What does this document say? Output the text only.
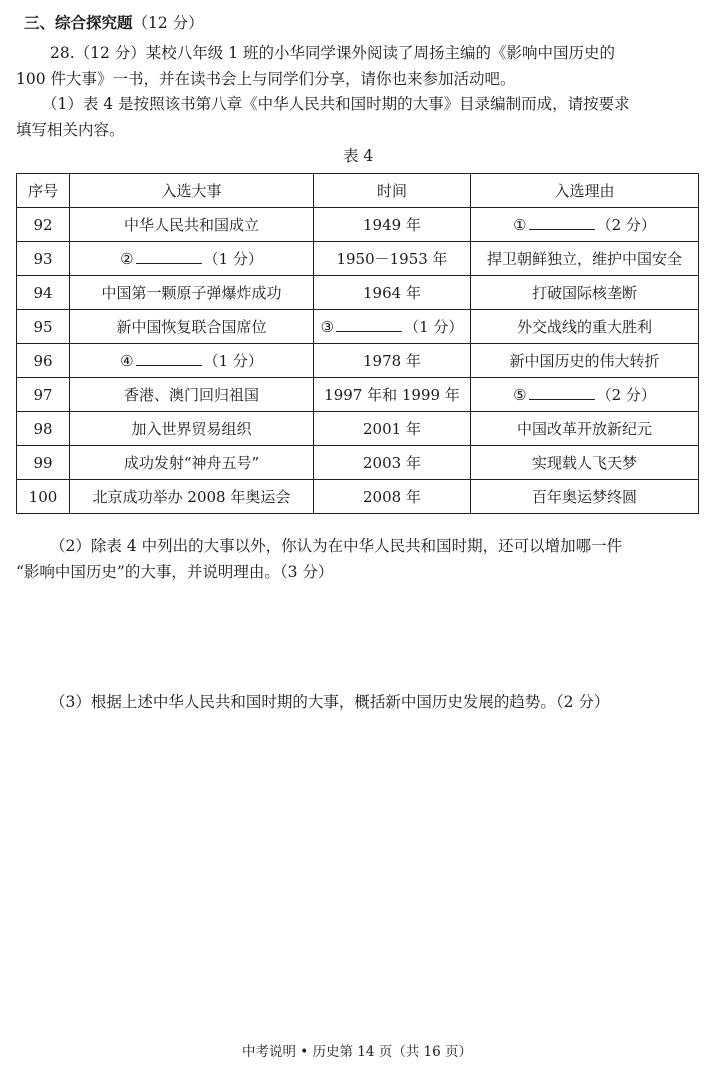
三、综合探究题（12 分）
28.（12 分）某校八年级 1 班的小华同学课外阅读了周扬主编的《影响中国历史的
100 件大事》一书，并在读书会上与同学们分享，请你也来参加活动吧。
（1）表 4 是按照该书第八章《中华人民共和国时期的大事》目录编制而成，请按要求
填写相关内容。
表 4
序号	入选大事	时间	入选理由
92	中华人民共和国成立	1949 年	① （2 分）
93	② （1 分）	1950－1953 年	捍卫朝鲜独立，维护中国安全
94	中国第一颗原子弹爆炸成功	1964 年	打破国际核垄断
95	新中国恢复联合国席位	③ （1 分）	外交战线的重大胜利
96	④ （1 分）	1978 年	新中国历史的伟大转折
97	香港、澳门回归祖国	1997 年和 1999 年	⑤ （2 分）
98	加入世界贸易组织	2001 年	中国改革开放新纪元
99	成功发射“神舟五号”	2003 年	实现载人飞天梦
100	北京成功举办 2008 年奥运会	2008 年	百年奥运梦终圆
（2）除表 4 中列出的大事以外，你认为在中华人民共和国时期，还可以增加哪一件
“影响中国历史”的大事，并说明理由。（3 分）
（3）根据上述中华人民共和国时期的大事，概括新中国历史发展的趋势。（2 分）
中考说明 • 历史第 14 页（共 16 页）
